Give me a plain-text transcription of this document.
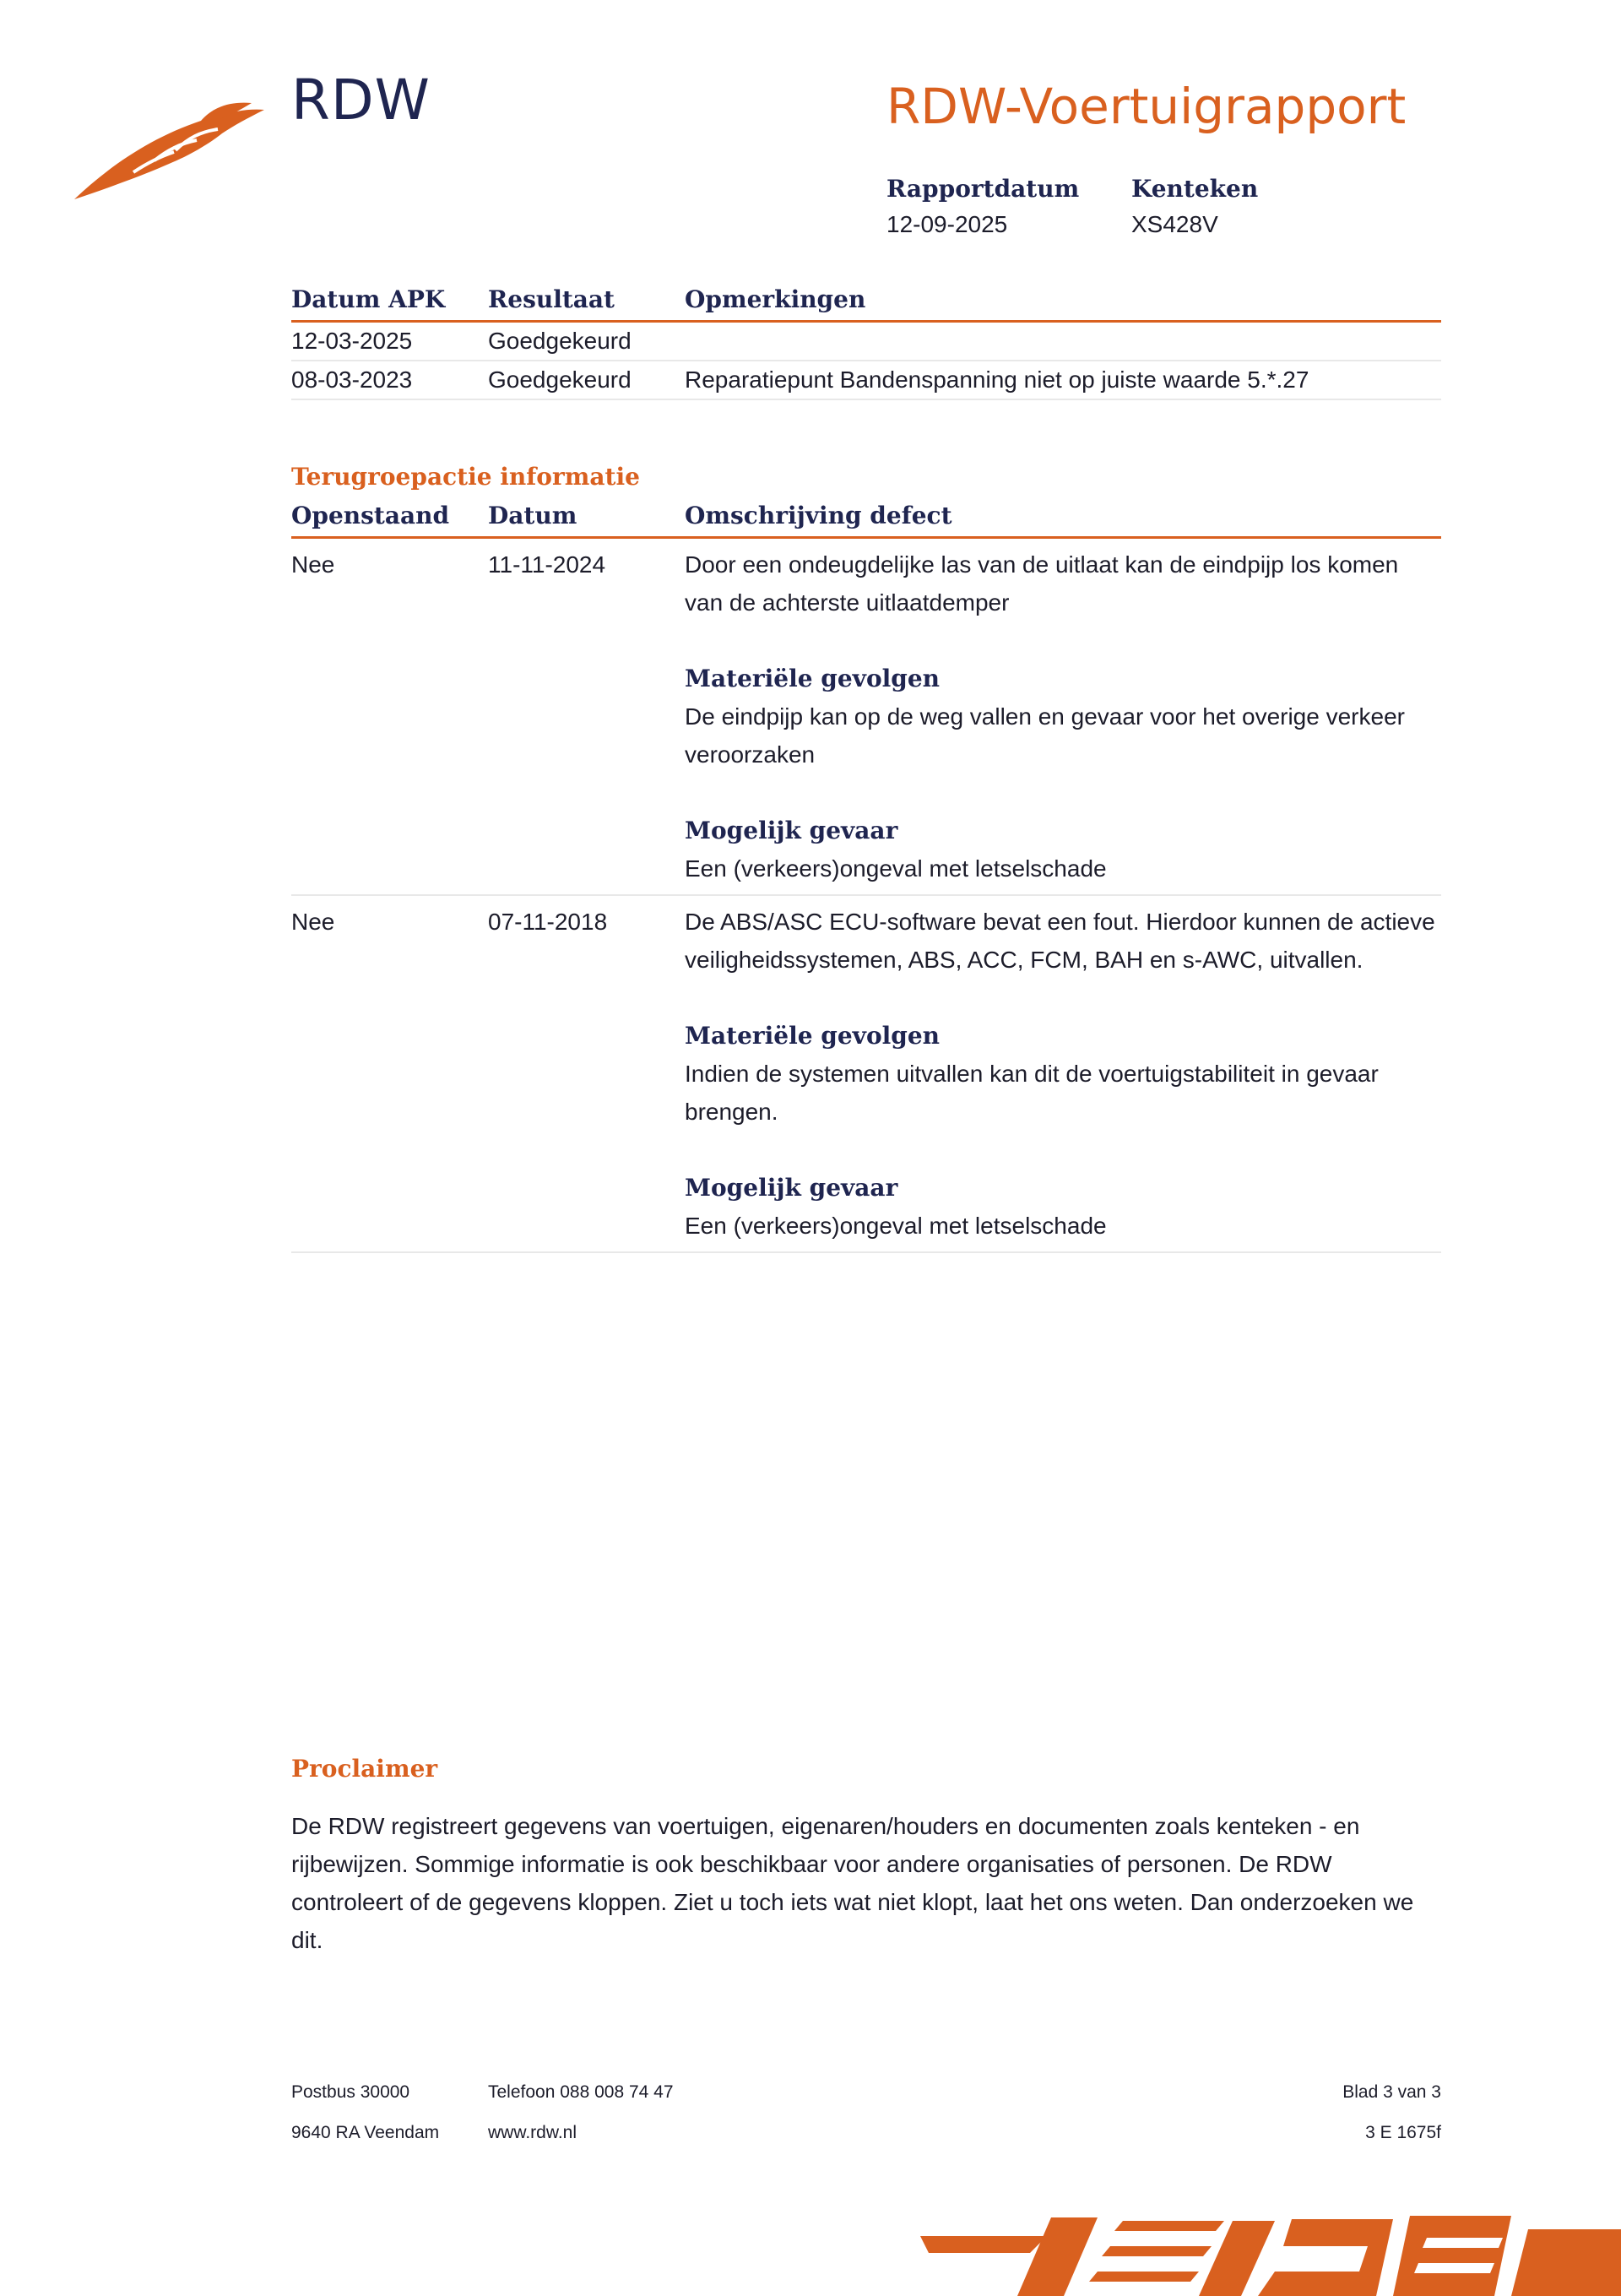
RDW	RDW-Voertuigrapport
Rapportdatum
12-09-2025
Kenteken
XS428V
Datum APK	Resultaat	Opmerkingen
12-03-2025	Goedgekeurd	
08-03-2023	Goedgekeurd	Reparatiepunt Bandenspanning niet op juiste waarde 5.*.27
Terugroepactie informatie
Openstaand	Datum	Omschrijving defect
Nee	11-11-2024	Door een ondeugdelijke las van de uitlaat kan de eindpijp los komen van de achterste uitlaatdemper
Materiële gevolgen
De eindpijp kan op de weg vallen en gevaar voor het overige verkeer veroorzaken
Mogelijk gevaar
Een (verkeers)ongeval met letselschade

Nee	07-11-2018	De ABS/ASC ECU-software bevat een fout. Hierdoor kunnen de actieve veiligheidssystemen, ABS, ACC, FCM, BAH en s-AWC, uitvallen.
Materiële gevolgen
Indien de systemen uitvallen kan dit de voertuigstabiliteit in gevaar brengen.
Mogelijk gevaar
Een (verkeers)ongeval met letselschade
Proclaimer
De RDW registreert gegevens van voertuigen, eigenaren/houders en documenten zoals kenteken - en rijbewijzen. Sommige informatie is ook beschikbaar voor andere organisaties of personen. De RDW controleert of de gegevens kloppen. Ziet u toch iets wat niet klopt, laat het ons weten. Dan onderzoeken we dit.
Postbus 30000
9640 RA Veendam
Telefoon 088 008 74 47
www.rdw.nl
Blad 3 van 3
3 E 1675f
